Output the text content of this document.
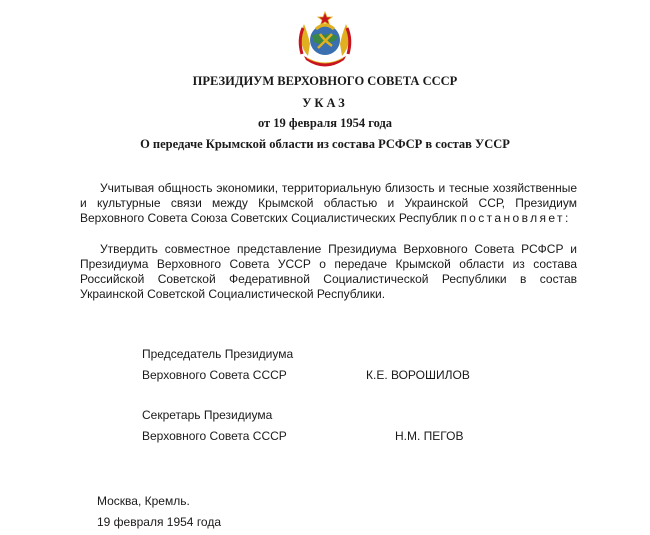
ПРЕЗИДИУМ ВЕРХОВНОГО СОВЕТА СССР
УКАЗ
от 19 февраля 1954 года
О передаче Крымской области из состава РСФСР в состав УССР
Учитывая общность экономики, территориальную близость и тесные хозяйственные и культурные связи между Крымской областью и Украинской ССР, Президиум Верховного Совета Союза Советских Социалистических Республик постановляет:
Утвердить совместное представление Президиума Верховного Совета РСФСР и Президиума Верховного Совета УССР о передаче Крымской области из состава Российской Советской Федеративной Социалистической Республики в состав Украинской Советской Социалистической Республики.
Председатель Президиума
Верховного Совета СССР	К.Е. ВОРОШИЛОВ
Секретарь Президиума
Верховного Совета СССР	Н.М. ПЕГОВ
Москва, Кремль.
19 февраля 1954 года
